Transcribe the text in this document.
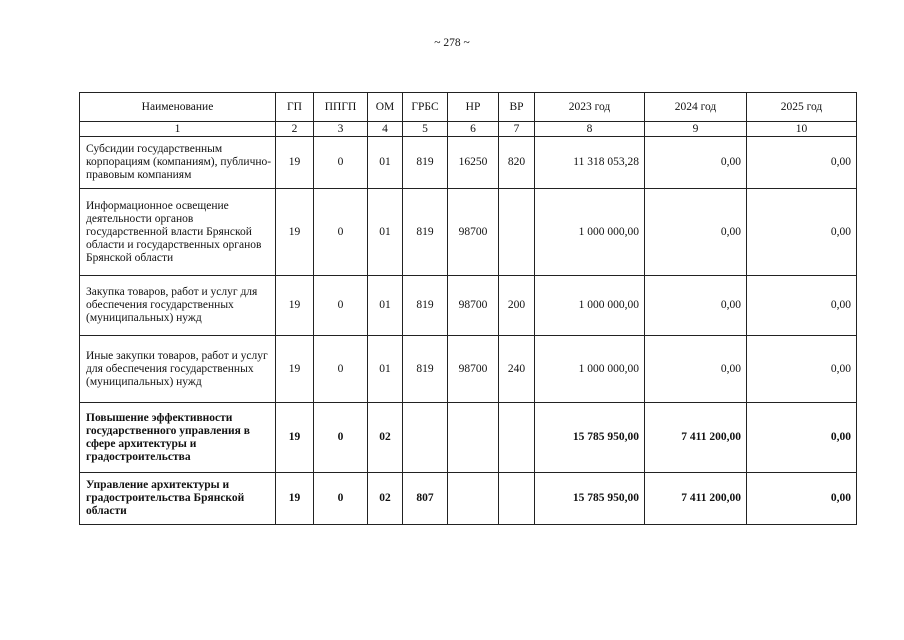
~ 278 ~
Наименование	ГП	ППГП	ОМ	ГРБС	НР	ВР	2023 год	2024 год	2025 год
1	2	3	4	5	6	7	8	9	10
Субсидии государственным корпорациям (компаниям), публично-правовым компаниям	19	0	01	819	16250	820	11 318 053,28	0,00	0,00
Информационное освещение деятельности органов государственной власти Брянской области и государственных органов Брянской области	19	0	01	819	98700		1 000 000,00	0,00	0,00
Закупка товаров, работ и услуг для обеспечения государственных (муниципальных) нужд	19	0	01	819	98700	200	1 000 000,00	0,00	0,00
Иные закупки товаров, работ и услуг для обеспечения государственных (муниципальных) нужд	19	0	01	819	98700	240	1 000 000,00	0,00	0,00
Повышение эффективности государственного управления в сфере архитектуры и градостроительства	19	0	02				15 785 950,00	7 411 200,00	0,00
Управление архитектуры и градостроительства Брянской области	19	0	02	807			15 785 950,00	7 411 200,00	0,00
